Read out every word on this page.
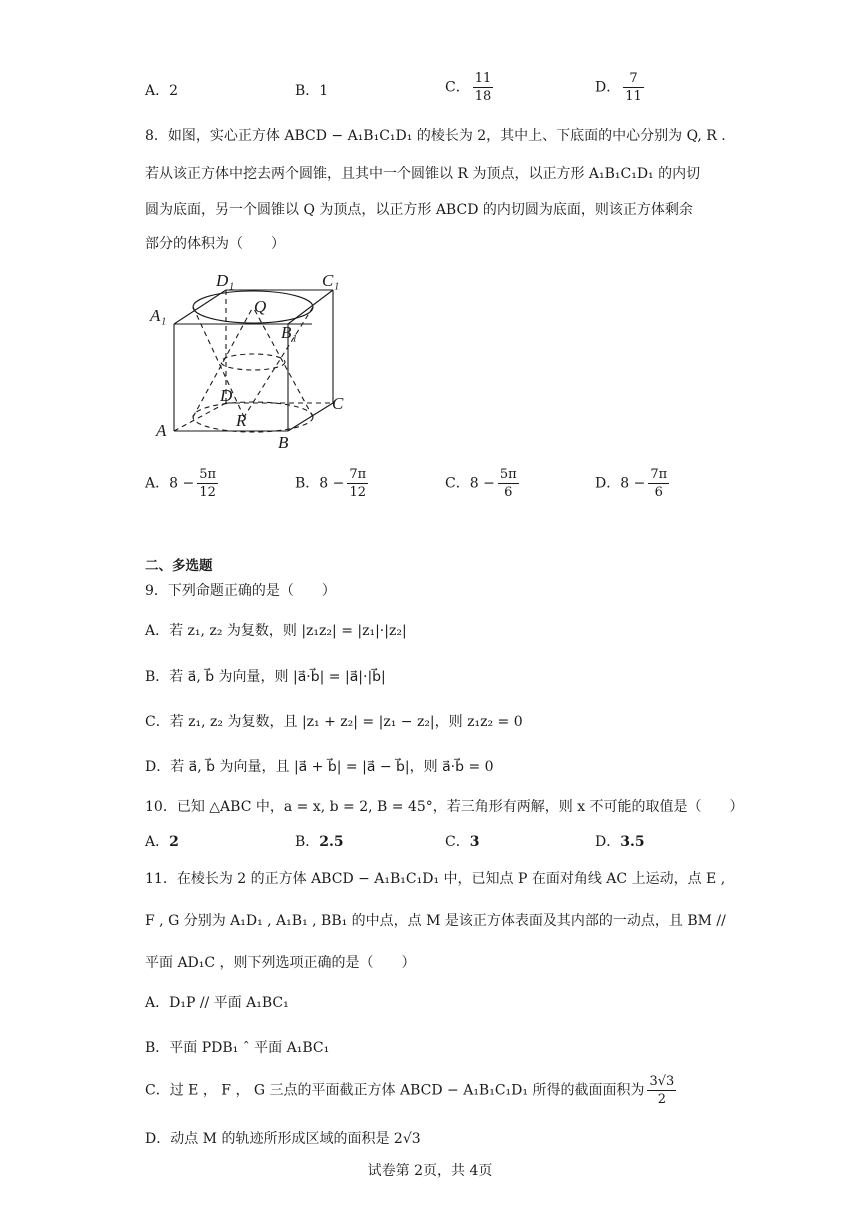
A．2	B．1	C． $\frac{11}{18}$	D． $\frac{7}{11}$
8．如图，实心正方体 ABCD − A₁B₁C₁D₁ 的棱长为 2，其中上、下底面的中心分别为 Q, R .
若从该正方体中挖去两个圆锥，且其中一个圆锥以 R 为顶点，以正方形 A₁B₁C₁D₁ 的内切
圆为底面，另一个圆锥以 Q 为顶点，以正方形 ABCD 的内切圆为底面，则该正方体剩余
部分的体积为（　　）
D₁	C₁
A₁
B₁
Q
D	C
A
B
R
A．$8 - \frac{5\pi}{12}$	B．$8 - \frac{7\pi}{12}$	C．$8 - \frac{5\pi}{6}$	D．$8 - \frac{7\pi}{6}$
二、多选题
9．下列命题正确的是（　　）
A．若 z₁, z₂ 为复数，则 |z₁z₂| = |z₁|·|z₂|
B．若 a⃗, b⃗ 为向量，则 |a⃗·b⃗| = |a⃗|·|b⃗|
C．若 z₁, z₂ 为复数，且 |z₁ + z₂| = |z₁ − z₂|，则 z₁z₂ = 0
D．若 a⃗, b⃗ 为向量，且 |a⃗ + b⃗| = |a⃗ − b⃗|，则 a⃗·b⃗ = 0
10．已知 △ABC 中，a = x, b = 2, B = 45°，若三角形有两解，则 x 不可能的取值是（　　）
A．2	B．2.5	C．3	D．3.5
11．在棱长为 2 的正方体 ABCD − A₁B₁C₁D₁ 中，已知点 P 在面对角线 AC 上运动，点 E ,
F , G 分别为 A₁D₁ , A₁B₁ , BB₁ 的中点，点 M 是该正方体表面及其内部的一动点，且 BM //
平面 AD₁C ，则下列选项正确的是（　　）
A．D₁P // 平面 A₁BC₁
B．平面 PDB₁ ˆ 平面 A₁BC₁
C．过 E ， F ， G 三点的平面截正方体 ABCD − A₁B₁C₁D₁ 所得的截面面积为 $\frac{3√3}{2}$
D．动点 M 的轨迹所形成区域的面积是 2√3
试卷第 2页，共 4页
